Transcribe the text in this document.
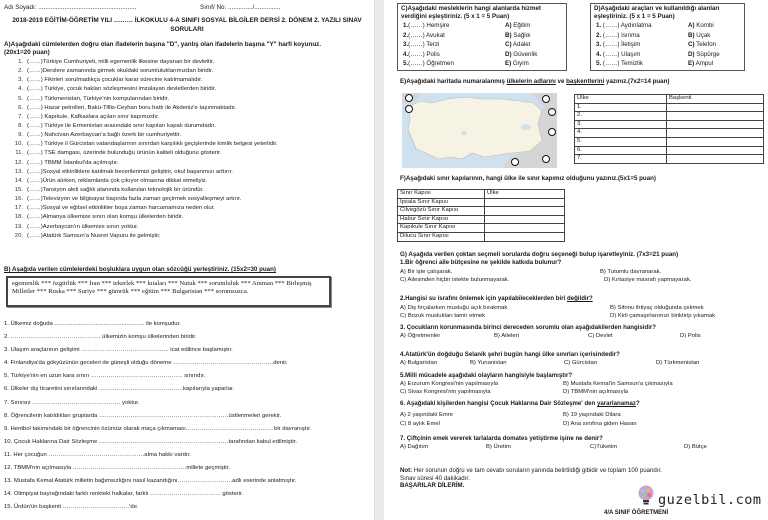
Adı Soyadı: ........................................................	Sınıf/ No: ............../...............
2018-2019 EĞİTİM-ÖĞRETİM YILI ……… İLKOKULU 4-A SINIFI SOSYAL BİLGİLER DERSİ 2. DÖNEM 2. YAZILI SINAV SORULARI
A)Aşağıdaki cümlelerden doğru olan ifadelerin başına "D", yanlış olan ifadelerin başına "Y" harfi koyunuz. (20x1=20 puan)
1. (……)Türkiye Cumhuriyeti, milli egemenlik ilkesine dayanan bir devlettir.
2. (……)Derslere zamanında girmek okuldaki sorumluluklarımızdan biridir.
3. (……) Fikirleri sorulmadıkça çocuklar karar sürecine katılmamalıdır.
4. (……) Türkiye, çocuk hakları sözleşmesini imzalayan devletlerden biridir.
5. (……) Türkmenistan, Türkiye'nin komşularından biridir.
6. (……) Hazar petrolleri, Bakü-Tiflis-Ceyhan boru hattı ile Akdeniz'e taşınmaktadır.
7. (……) Kapıkule, Kafkaslara açılan sınır kapımızdır.
8. (……) Türkiye ile Ermenistan arasındaki sınır kapıları kapalı durumdadır.
9. (……) Nahcivan Azerbaycan'a bağlı özerk bir cumhuriyettir.
10. (……) Türkiye il Gürcistan vatandaşlarının sınırdan karşılıklı geçişlerinde kimlik belgesi yeterlidir.
11. (……) TSE damgası, üzerinde bulunduğu ürünün kaliteli olduğunu gösterir.
12. (……) TBMM İstanbul'da açılmıştır.
13. (……)Sosyal etkinliklere katılmak becerilerimizi geliştirir, okul başarımızı arttırır.
14. (……)Ürün alırken, reklamlarda çok çıkıyor olmasına dikkat etmeliyiz.
15. (……)Tansiyon aleti sağlık alanında kullanılan teknolojik bir üründür.
16. (……)Televizyon ve bilgisayar başında fazla zaman geçirmek sosyalleşmeyi artırır.
17. (……)Sosyal ve eğitsel etkinlikler boşa zaman harcamamıza neden olur.
18. (……)Almanya ülkemize sınırı olan komşu ülkelerden biridir.
19. (……)Azerbaycan'ın ülkemize sınırı yoktur.
20. (……)Atatürk Samsun'a Nusret Vapuru ile gelmiştir.
B) Aşağıda verilen cümlelerdeki boşluklara uygun olan sözcüğü yerleştiriniz. (15x2=30 puan)
egemenlik *** özgürlük *** İran *** tekerlek *** kıtaları *** Nutuk *** sorumluluk *** Amman *** Birleşmiş Milletler *** Ruska *** Suriye *** gümrük *** eğitim *** Bulgaristan *** sorumsuzca.
1. Ülkemiz doğuda ....................................................... ile komşudur.
2. ………………………………………. ülkemizin komşu ülkelerinden biridir.
3. Ulaşım araçlarının gelişimi ……………………………………... icat edilince başlamıştır.
4. Finlandiya'da gökyüzünün geceleri de güneşli olduğu döneme ……………………………………………denir.
5. Türkiye'nin en uzun kara sınırı ……………………………………….. sınırıdır.
6. Ülkeler dış ticaretini sınırlarındaki …………………………………….kapılarıyla yaparlar.
7. Sınırsız ……………………………………… yoktur.
8. Öğrencilerin katıldıkları gruplarda …………………………………………………………üstlenmeleri gerekir.
9. Hentbol takımındaki bir öğrencinin özürsüz olarak maça çıkmaması………………………………………bir davranıştır.
10. Çocuk Haklarına Dair Sözleşme …………………………………………………………tarafından kabul edilmiştir.
11. Her çocuğun ………………………………………….alma hakkı vardır.
12. TBMM'nin açılmasıyla ………………………………………………….millete geçmiştir.
13. Mustafa Kemal Atatürk milletin bağımsızlığını nasıl kazandığını……………………….adlı eserinde anlatmıştır.
14. Olimpiyat bayrağındaki farklı renkteki halkalar, farklı ……………………………… gösterir.
15. Ürdün'ün başkenti …………………………….'dır.
C)Aşağıdaki mesleklerin hangi alanlarda hizmet verdiğini eşleştiriniz. (5 x 1 = 5 Puan)
1.(……) Hemşire	A) Eğitim
2.(……) Avukat	B) Sağlık
3.(……) Terzi	C) Adalet
4.(……) Polis	D) Güvenlik
5.(……) Öğretmen	E) Giyim
D)Aşağıdaki araçları ve kullanıldığı alanları eşleştiriniz. (5 x 1 = 5 Puan)
1. (……) Aydınlatma	A) Kombi
2. (……) Isınma	B) Uçak
3. (……) İletişim	C) Telefon
4. (……) Ulaşım	D) Süpürge
5. (……) Temizlik	E) Ampul
E)Aşağıdaki haritada numaralanmış ülkelerin adlarını ve başkentlerini yazınız.(7x2=14 puan)
Ülke	Başkenti
1.	
2.	
3.	
4.	
5.	
6.	
7.	
F)Aşağıdaki sınır kapılarının, hangi ülke ile sınır kapımız olduğunu yazınız.(5x1=5 puan)
Sınır Kapısı	Ülke
Ipsala Sınır Kapısı	
Cilvegözü Sınır Kapısı	
Habur Sınır Kapısı	
Kapıkule Sınır Kapısı	
Dilucu Sınır Kapısı	
G) Aşağıda verilen çoktan seçmeli sorularda doğru seçeneği bulup işaretleyiniz. (7x3=21 puan)
1.Bir öğrenci aile bütçesine ne şekilde katkıda bulunur?
A) Bir işte çalışarak.	B) Tutumlu davranarak.
C) Ailesinden hiçbir istekte bulunmayarak.	D) Kırtasiye masrafı yapmayarak.
2.Hangisi su israfını önlemek için yapılabileceklerden biri değildir?
A) Diş fırçalarken musluğu açık bırakmak	B) Sifonu ihtiyaç olduğunda çekmek
C) Bozuk muslukları tamir etmek	D) Kirli çamaşırlarımızı biriktirip yıkamak
3. Çocukların korunmasında birinci dereceden sorumlu olan aşağıdakilerden hangisidir?
A) Öğretmenler	B) Aileleri	C) Devlet	D) Polis
4.Atatürk'ün doğduğu Selanik şehri bugün hangi ülke sınırları içerisindedir?
A) Bulgaristan	B) Yunanistan	C) Gürcistan	D) Türkmenistan
5.Milli mücadele aşağıdaki olayların hangisiyle başlamıştır?
A) Erzurum Kongresi'nin yapılmasıyla	B) Mustafa Kemal'in Samsun'a çıkmasıyla
C) Sivas Kongresi'nin yapılmasıyla	D) TBMM'nin açılmasıyla
6. Aşağıdaki kişilerden hangisi Çocuk Haklarına Dair Sözleşme' den yararlanamaz?
A) 2 yaşındaki Emre	B) 19 yaşındaki Dilara
C) 8 aylık Emel	D) Ana sınıfına giden Hasan
7. Çiftçinin emek vererek tarlalarda domates yetiştirme işine ne denir?
A) Dağıtım	B) Üretim	C)Tüketim	D) Bütçe
Not: Her sorunun doğru ve tam cevabı soruların yanında belirtildiği gibidir ve toplam 100 puandır.
Sınav süresi 40 dakikadır.
BAŞARILAR DİLERİM.
guzelbil.com
4/A SINIF ÖĞRETMENİ
